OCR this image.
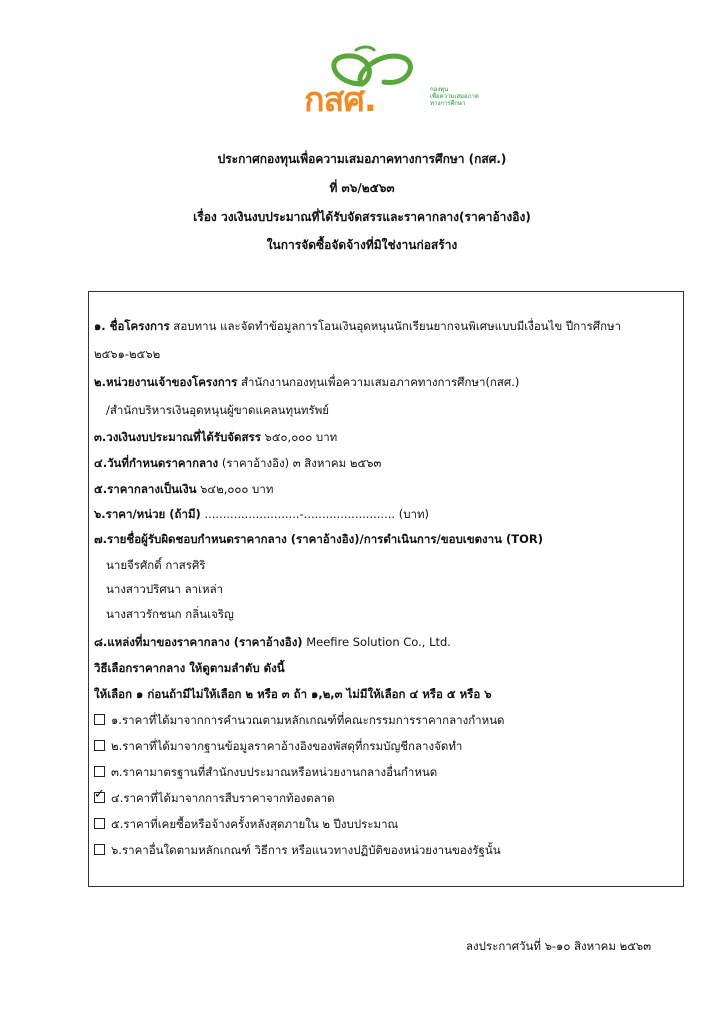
กสศ.	กองทุน
เพื่อความเสมอภาค
ทางการศึกษา
ประกาศกองทุนเพื่อความเสมอภาคทางการศึกษา (กสศ.)
ที่ ๓๖/๒๕๖๓
เรื่อง วงเงินงบประมาณที่ได้รับจัดสรรและราคากลาง(ราคาอ้างอิง)
ในการจัดซื้อจัดจ้างที่มิใช่งานก่อสร้าง
๑. ชื่อโครงการ สอบทาน และจัดทำข้อมูลการโอนเงินอุดหนุนนักเรียนยากจนพิเศษแบบมีเงื่อนไข ปีการศึกษา
๒๕๖๑-๒๕๖๒
๒.หน่วยงานเจ้าของโครงการ สำนักงานกองทุนเพื่อความเสมอภาคทางการศึกษา(กสศ.)
/สำนักบริหารเงินอุดหนุนผู้ขาดแคลนทุนทรัพย์
๓.วงเงินงบประมาณที่ได้รับจัดสรร ๖๕๐,๐๐๐ บาท
๔.วันที่กำหนดราคากลาง (ราคาอ้างอิง) ๓ สิงหาคม ๒๕๖๓
๕.ราคากลางเป็นเงิน ๖๔๒,๐๐๐ บาท
๖.ราคา/หน่วย (ถ้ามี) ..........................-......................... (บาท)
๗.รายชื่อผู้รับผิดชอบกำหนดราคากลาง (ราคาอ้างอิง)/การดำเนินการ/ขอบเขตงาน (TOR)
นายจีรศักดิ์ กาสรศิริ
นางสาวปริศนา ลาเหล่า
นางสาวรักชนก กลิ่นเจริญ
๘.แหล่งที่มาของราคากลาง (ราคาอ้างอิง) Meefire Solution Co., Ltd.
วิธีเลือกราคากลาง ให้ดูตามลำดับ ดังนี้
ให้เลือก ๑ ก่อนถ้ามีไม่ให้เลือก ๒ หรือ ๓ ถ้า ๑,๒,๓ ไม่มีให้เลือก ๔ หรือ ๕ หรือ ๖
๑.ราคาที่ได้มาจากการคำนวณตามหลักเกณฑ์ที่คณะกรรมการราคากลางกำหนด
๒.ราคาที่ได้มาจากฐานข้อมูลราคาอ้างอิงของพัสดุที่กรมบัญชีกลางจัดทำ
๓.ราคามาตรฐานที่สำนักงบประมาณหรือหน่วยงานกลางอื่นกำหนด
✓ ๔.ราคาที่ได้มาจากการสืบราคาจากท้องตลาด
๕.ราคาที่เคยซื้อหรือจ้างครั้งหลังสุดภายใน ๒ ปีงบประมาณ
๖.ราคาอื่นใดตามหลักเกณฑ์ วิธีการ หรือแนวทางปฏิบัติของหน่วยงานของรัฐนั้น
ลงประกาศวันที่ ๖-๑๐ สิงหาคม ๒๕๖๓
